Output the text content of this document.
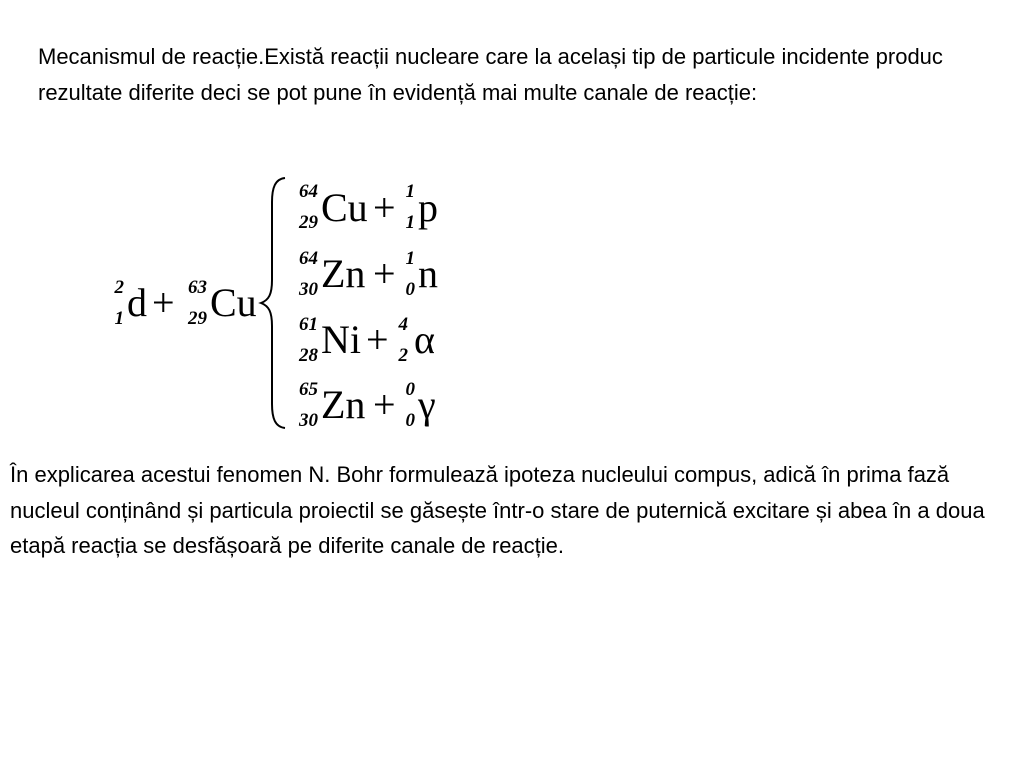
Mecanismul de reacție.Există reacții nucleare care la același tip de particule incidente produc rezultate diferite deci se pot pune în evidență mai multe canale de reacție:

2
1 d + 63
29 Cu
64
29 Cu + 1
1 p
64
30 Zn + 1
0 n
61
28 Ni + 4
2 α
65
30 Zn + 0
0 γ

În explicarea acestui fenomen N. Bohr formulează ipoteza nucleului compus, adică în prima fază nucleul conținând și particula proiectil se găsește într-o stare de puternică excitare și abea în a doua etapă reacția se desfășoară pe diferite canale de reacție.
